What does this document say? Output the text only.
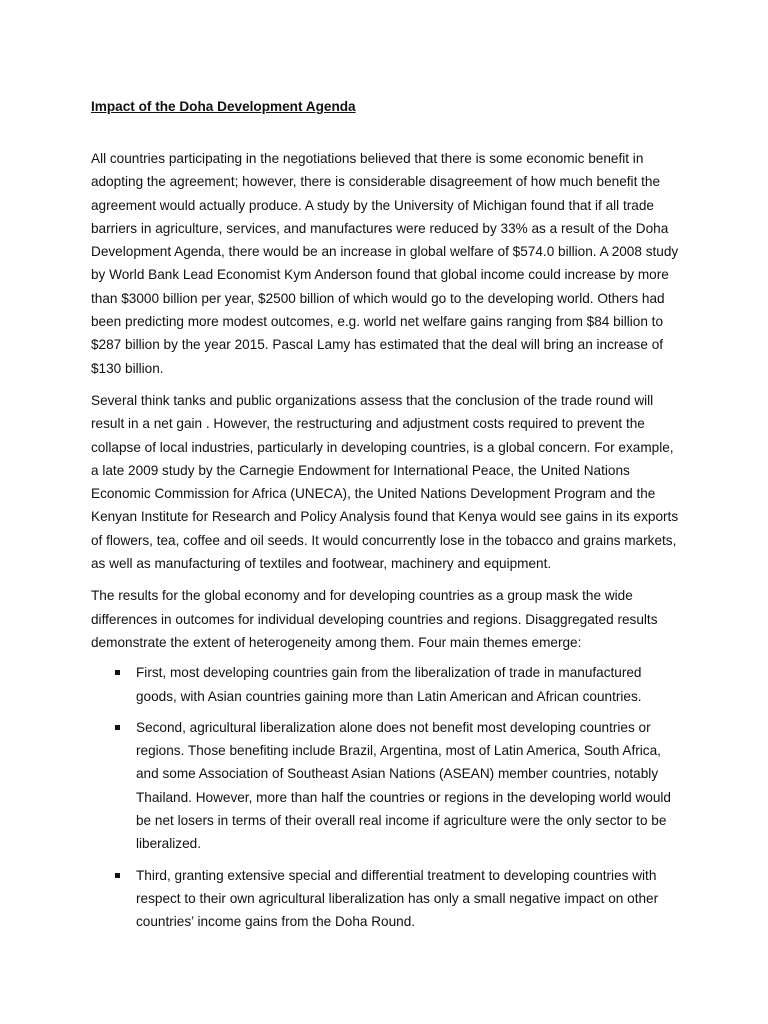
Impact of the Doha Development Agenda

All countries participating in the negotiations believed that there is some economic benefit in adopting the agreement; however, there is considerable disagreement of how much benefit the agreement would actually produce. A study by the University of Michigan found that if all trade barriers in agriculture, services, and manufactures were reduced by 33% as a result of the Doha Development Agenda, there would be an increase in global welfare of $574.0 billion. A 2008 study by World Bank Lead Economist Kym Anderson found that global income could increase by more than $3000 billion per year, $2500 billion of which would go to the developing world. Others had been predicting more modest outcomes, e.g. world net welfare gains ranging from $84 billion to $287 billion by the year 2015. Pascal Lamy has estimated that the deal will bring an increase of $130 billion.

Several think tanks and public organizations assess that the conclusion of the trade round will result in a net gain . However, the restructuring and adjustment costs required to prevent the collapse of local industries, particularly in developing countries, is a global concern. For example, a late 2009 study by the Carnegie Endowment for International Peace, the United Nations Economic Commission for Africa (UNECA), the United Nations Development Program and the Kenyan Institute for Research and Policy Analysis found that Kenya would see gains in its exports of flowers, tea, coffee and oil seeds. It would concurrently lose in the tobacco and grains markets, as well as manufacturing of textiles and footwear, machinery and equipment.

The results for the global economy and for developing countries as a group mask the wide differences in outcomes for individual developing countries and regions. Disaggregated results demonstrate the extent of heterogeneity among them. Four main themes emerge:

First, most developing countries gain from the liberalization of trade in manufactured goods, with Asian countries gaining more than Latin American and African countries.
Second, agricultural liberalization alone does not benefit most developing countries or regions. Those benefiting include Brazil, Argentina, most of Latin America, South Africa, and some Association of Southeast Asian Nations (ASEAN) member countries, notably Thailand. However, more than half the countries or regions in the developing world would be net losers in terms of their overall real income if agriculture were the only sector to be liberalized.
Third, granting extensive special and differential treatment to developing countries with respect to their own agricultural liberalization has only a small negative impact on other countries’ income gains from the Doha Round.
